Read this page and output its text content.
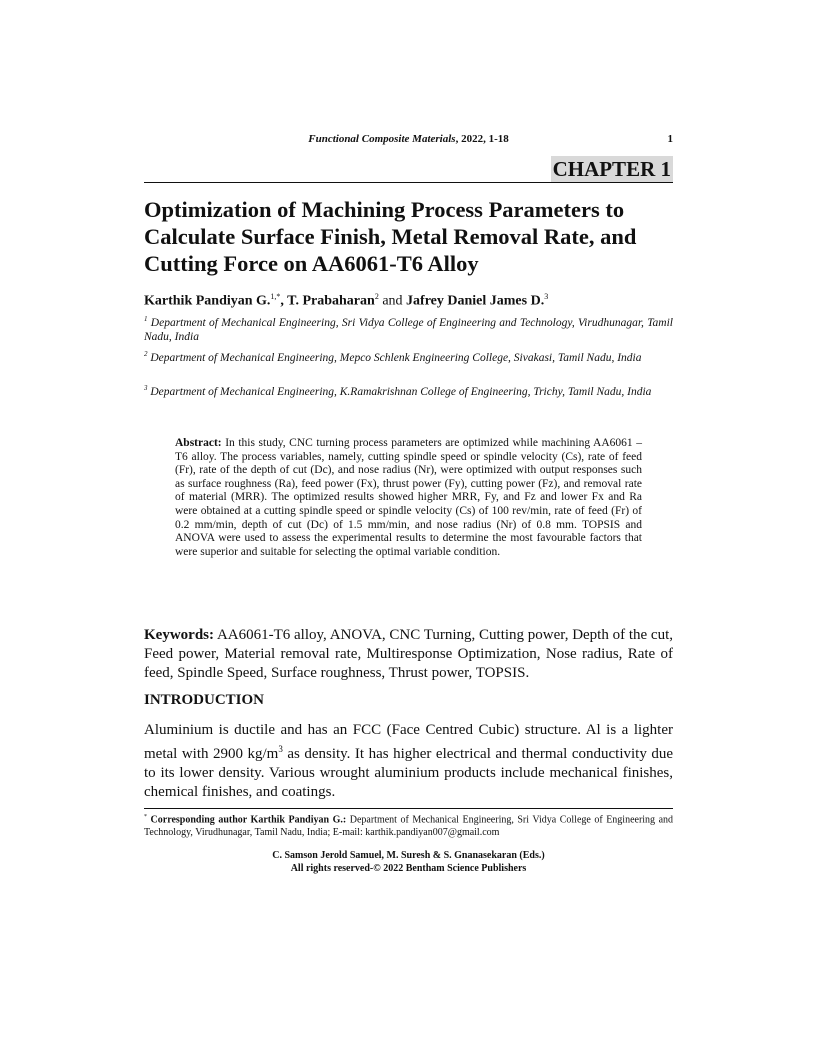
Functional Composite Materials, 2022, 1-18	1
CHAPTER 1
Optimization of Machining Process Parameters to Calculate Surface Finish, Metal Removal Rate, and Cutting Force on AA6061-T6 Alloy
Karthik Pandiyan G.$^{1,*}$, T. Prabaharan$^2$ and Jafrey Daniel James D.$^3$
$^1$ Department of Mechanical Engineering, Sri Vidya College of Engineering and Technology, Virudhunagar, Tamil Nadu, India
$^2$ Department of Mechanical Engineering, Mepco Schlenk Engineering College, Sivakasi, Tamil Nadu, India
$^3$ Department of Mechanical Engineering, K.Ramakrishnan College of Engineering, Trichy, Tamil Nadu, India
Abstract: In this study, CNC turning process parameters are optimized while machining AA6061 – T6 alloy. The process variables, namely, cutting spindle speed or spindle velocity (Cs), rate of feed (Fr), rate of the depth of cut (Dc), and nose radius (Nr), were optimized with output responses such as surface roughness (Ra), feed power (Fx), thrust power (Fy), cutting power (Fz), and removal rate of material (MRR). The optimized results showed higher MRR, Fy, and Fz and lower Fx and Ra were obtained at a cutting spindle speed or spindle velocity (Cs) of 100 rev/min, rate of feed (Fr) of 0.2 mm/min, depth of cut (Dc) of 1.5 mm/min, and nose radius (Nr) of 0.8 mm. TOPSIS and ANOVA were used to assess the experimental results to determine the most favourable factors that were superior and suitable for selecting the optimal variable condition.
Keywords: AA6061-T6 alloy, ANOVA, CNC Turning, Cutting power, Depth of the cut, Feed power, Material removal rate, Multiresponse Optimization, Nose radius, Rate of feed, Spindle Speed, Surface roughness, Thrust power, TOPSIS.
INTRODUCTION
Aluminium is ductile and has an FCC (Face Centred Cubic) structure. Al is a lighter metal with 2900 $kg/m^3$ as density. It has higher electrical and thermal conductivity due to its lower density. Various wrought aluminium products include mechanical finishes, chemical finishes, and coatings.
* Corresponding author Karthik Pandiyan G.: Department of Mechanical Engineering, Sri Vidya College of Engineering and Technology, Virudhunagar, Tamil Nadu, India; E-mail: karthik.pandiyan007@gmail.com
C. Samson Jerold Samuel, M. Suresh & S. Gnanasekaran (Eds.)
All rights reserved-© 2022 Bentham Science Publishers
